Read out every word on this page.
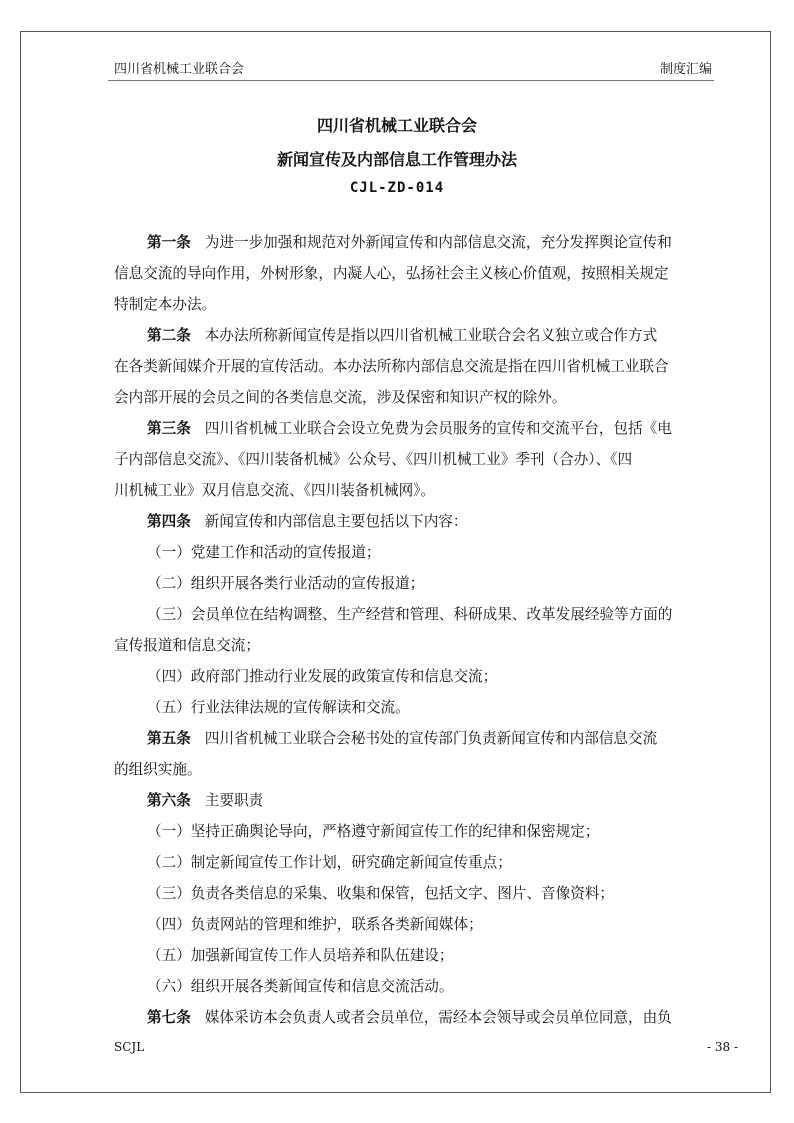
四川省机械工业联合会	制度汇编
四川省机械工业联合会
新闻宣传及内部信息工作管理办法
CJL-ZD-014
第一条 为进一步加强和规范对外新闻宣传和内部信息交流，充分发挥舆论宣传和
信息交流的导向作用，外树形象，内凝人心，弘扬社会主义核心价值观，按照相关规定
特制定本办法。
第二条 本办法所称新闻宣传是指以四川省机械工业联合会名义独立或合作方式
在各类新闻媒介开展的宣传活动。本办法所称内部信息交流是指在四川省机械工业联合
会内部开展的会员之间的各类信息交流，涉及保密和知识产权的除外。
第三条 四川省机械工业联合会设立免费为会员服务的宣传和交流平台，包括《电
子内部信息交流》、《四川装备机械》公众号、《四川机械工业》季刊（合办）、《四
川机械工业》双月信息交流、《四川装备机械网》。
第四条 新闻宣传和内部信息主要包括以下内容：
（一）党建工作和活动的宣传报道；
（二）组织开展各类行业活动的宣传报道；
（三）会员单位在结构调整、生产经营和管理、科研成果、改革发展经验等方面的
宣传报道和信息交流；
（四）政府部门推动行业发展的政策宣传和信息交流；
（五）行业法律法规的宣传解读和交流。
第五条 四川省机械工业联合会秘书处的宣传部门负责新闻宣传和内部信息交流
的组织实施。
第六条 主要职责
（一）坚持正确舆论导向，严格遵守新闻宣传工作的纪律和保密规定；
（二）制定新闻宣传工作计划，研究确定新闻宣传重点；
（三）负责各类信息的采集、收集和保管，包括文字、图片、音像资料；
（四）负责网站的管理和维护，联系各类新闻媒体；
（五）加强新闻宣传工作人员培养和队伍建设；
（六）组织开展各类新闻宣传和信息交流活动。
第七条 媒体采访本会负责人或者会员单位，需经本会领导或会员单位同意，由负
SCJL	- 38 -
